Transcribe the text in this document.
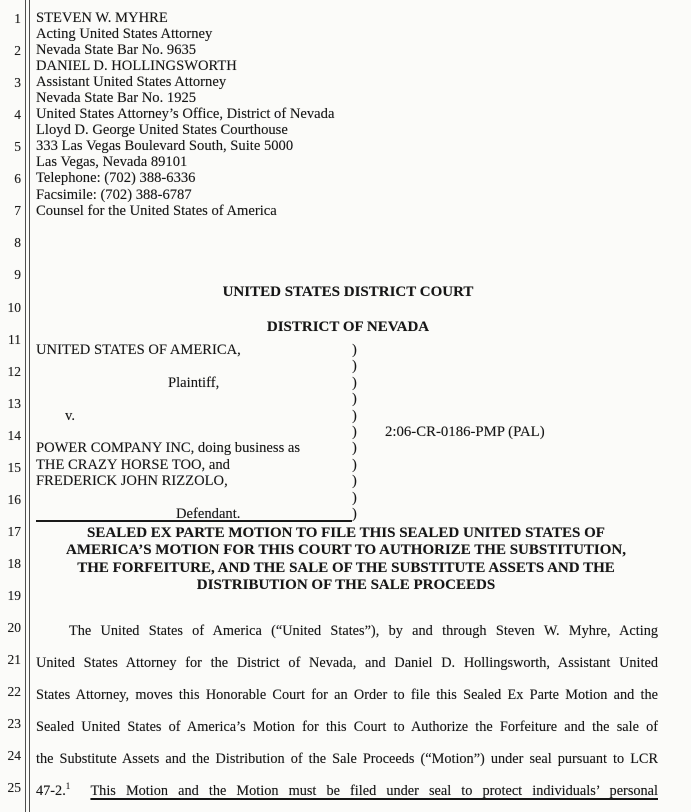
1
2
3
4
5
6
7
8
9
10
11
12
13
14
15
16
17
18
19
20
21
22
23
24
25
STEVEN W. MYHRE
Acting United States Attorney
Nevada State Bar No. 9635
DANIEL D. HOLLINGSWORTH
Assistant United States Attorney
Nevada State Bar No. 1925
United States Attorney’s Office, District of Nevada
Lloyd D. George United States Courthouse
333 Las Vegas Boulevard South, Suite 5000
Las Vegas, Nevada 89101
Telephone: (702) 388-6336
Facsimile: (702) 388-6787
Counsel for the United States of America
UNITED STATES DISTRICT COURT
DISTRICT OF NEVADA
UNITED STATES OF AMERICA,	)
)
Plaintiff,	)
)
v.	)
)	2:06-CR-0186-PMP (PAL)
POWER COMPANY INC, doing business as	)
THE CRAZY HORSE TOO, and	)
FREDERICK JOHN RIZZOLO,	)
)
Defendant.	)
SEALED EX PARTE MOTION TO FILE THIS SEALED UNITED STATES OF
AMERICA’S MOTION FOR THIS COURT TO AUTHORIZE THE SUBSTITUTION,
THE FORFEITURE, AND THE SALE OF THE SUBSTITUTE ASSETS AND THE
DISTRIBUTION OF THE SALE PROCEEDS
The United States of America (“United States”), by and through Steven W. Myhre, Acting
United States Attorney for the District of Nevada, and Daniel D. Hollingsworth, Assistant United
States Attorney, moves this Honorable Court for an Order to file this Sealed Ex Parte Motion and the
Sealed United States of America’s Motion for this Court to Authorize the Forfeiture and the sale of
the Substitute Assets and the Distribution of the Sale Proceeds (“Motion”) under seal pursuant to LCR
47-2.$^1$ This Motion and the Motion must be filed under seal to protect individuals’ personal
